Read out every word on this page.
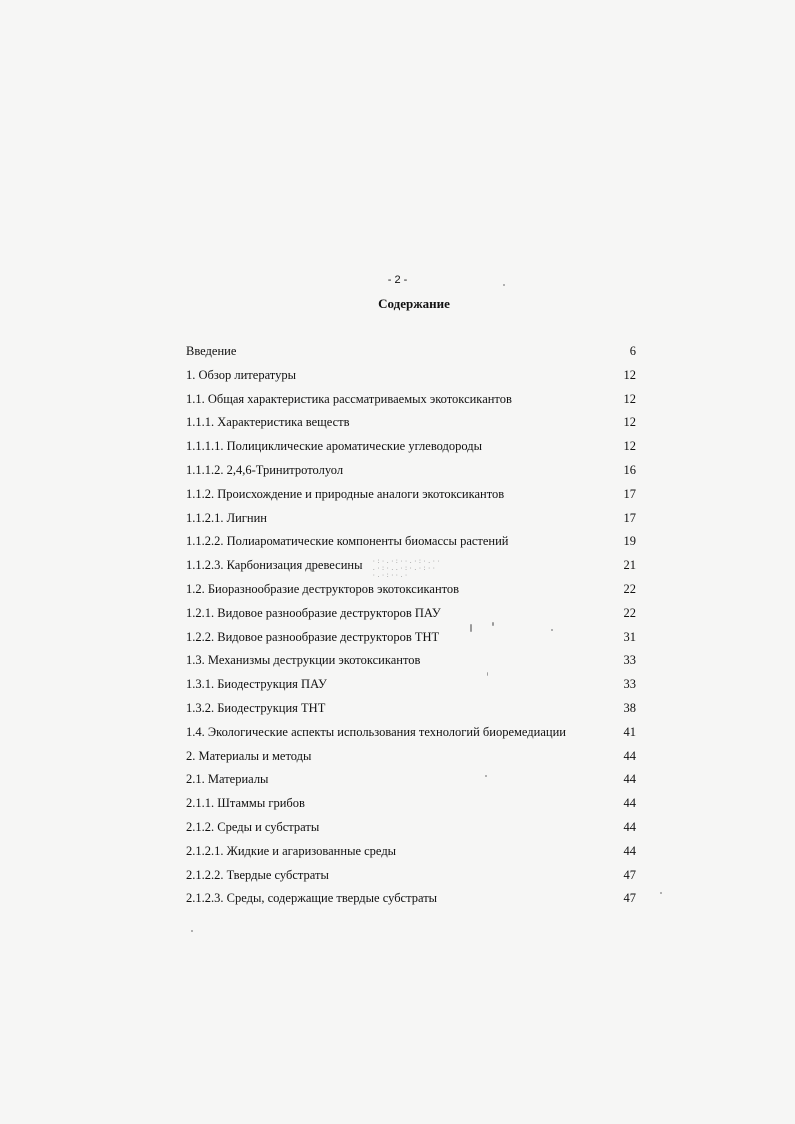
- 2 -
Содержание
Введение	6
1. Обзор литературы	12
1.1. Общая характеристика рассматриваемых экотоксикантов	12
1.1.1. Характеристика веществ	12
1.1.1.1. Полициклические ароматические углеводороды	12
1.1.1.2. 2,4,6-Тринитротолуол	16
1.1.2. Происхождение и природные аналоги экотоксикантов	17
1.1.2.1. Лигнин	17
1.1.2.2. Полиароматические компоненты биомассы растений	19
1.1.2.3. Карбонизация древесины	21
1.2. Биоразнообразие деструкторов экотоксикантов	22
1.2.1. Видовое разнообразие деструкторов ПАУ	22
1.2.2. Видовое разнообразие деструкторов ТНТ	31
1.3. Механизмы деструкции экотоксикантов	33
1.3.1. Биодеструкция ПАУ	33
1.3.2. Биодеструкция ТНТ	38
1.4. Экологические аспекты использования технологий биоремедиации	41
2. Материалы и методы	44
2.1. Материалы	44
2.1.1. Штаммы грибов	44
2.1.2. Среды и субстраты	44
2.1.2.1. Жидкие и агаризованные среды	44
2.1.2.2. Твердые субстраты	47
2.1.2.3. Среды, содержащие твердые субстраты	47
·:·.·:··.·:·.··
.·:·..·:·.·:··
·.·:··.·
